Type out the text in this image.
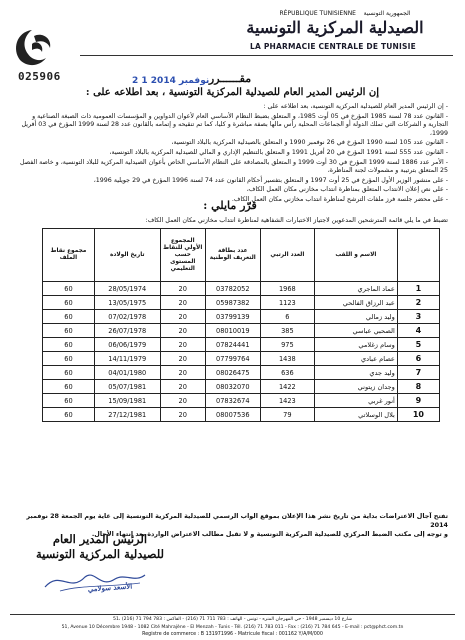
RÉPUBLIQUE TUNISIENNE الجمهورية التونسية
الصيدلية المركزية التونسية
LA PHARMACIE CENTRALE DE TUNISIE
025906	2 1 نوفمبر 2014 مقــــــرر
إن الرئيس المدير العام للصيدلية المركزية التونسية ، بعد اطلاعه على :

- إن الرئيس المدير العام للصيدلية المركزية التونسية، بعد اطلاعه على :

- القانون عدد 78 لسنة 1985 المؤرخ في 05 أوت 1985، و المتعلق بضبط النظام الأساسي العام لأعوان الدواوين و المؤسسات العمومية ذات الصبغة الصناعية و التجارية و الشركات التي تملك الدولة أو الجماعات المحلية رأس مالها بصفة مباشرة و كليا، كما تم تنقيحه و إتمامه بالقانون عدد 28 لسنة 1999 المؤرخ في 03 أفريل 1999،

- القانون عدد 105 لسنة 1990 المؤرخ في 26 نوفمبر 1990 و المتعلق بالصيدلية المركزية بالبلاد التونسية،

- القانون عدد 555 لسنة 1991 المؤرخ في 20 أفريل 1991 و المتعلق بالتنظيم الإداري و المالي للصيدلية المركزية بالبلاد التونسية،

- الأمر عدد 1886 لسنة 1999 المؤرخ في 30 أوت 1999 و المتعلق بالمصادقة على النظام الأساسي الخاص بأعوان الصيدلية المركزية للبلاد التونسية، و خاصة الفصل 25 المتعلق بترتيبة و مشمولات لجنة المناظرة،

- على منشور الوزير الأول المؤرخ في 25 أوت 1997 و المتعلق بتفسير أحكام القانون عدد 74 لسنة 1996 المؤرخ في 29 جويلية 1996،

- على نص إعلان الانتداب المتعلق بمناظرة انتداب مخازني مكان العمل الكاف،

- على محضر جلسة فرز ملفات الترشح لمناظرة انتداب مخازني مكان العمل الكاف.

قرّر مايلي :
تضبط في ما يلي قائمة المترشحين المدعوين لاجتياز الاختبارات الشفاهية لمناظرة انتداب مخازني مكان العمل الكاف:
	الاسم و اللقب	العدد الرتبي	عدد بطاقة التعريف الوطنية	المجموع الأولي للنقاط حسب المستوى التعليمي	تاريخ الولادة	مجموع نقاط الملف
1	عماد الماجري	1968	03782052	20	28/05/1974	60
2	عبد الرزاق الفالحي	1123	05987382	20	13/05/1975	60
3	وليد زمالي	6	03799139	20	07/02/1978	60
4	الصحبي عباسي	385	08010019	20	26/07/1978	60
5	وسام زغلامي	975	07824441	20	06/06/1979	60
6	عصام عبادي	1438	07799764	20	14/11/1979	60
7	وليد جدي	636	08026475	20	04/01/1980	60
8	وجدان زيتوني	1422	08032070	20	05/07/1981	60
9	أنور غربي	1423	07832674	20	15/09/1981	60
10	بلال الوسلاتي	79	08007536	20	27/12/1981	60
تفتح آجال الاعتراضات بداية من تاريخ نشر هذا الإعلان بموقع الواب الرسمي للصيدلية المركزية التونسية إلى غاية يوم الجمعة 28 نوفمبر 2014
و توجه إلى مكتب الضبط المركزي للصيدلية المركزية التونسية و لا تقبل مطالب الاعتراض الواردة بعد انتهاء الأجال.
الرئيس المدير العام
للصيدلية المركزية التونسية
الأسعد سولامي
51، شارع 10 ديسمبر 1948 - حي المهرجان المنزه - تونس - الهاتف : 783 711 71 (216) - الفاكس : 783 794 71 (216)
51, Avenue 10 Décembre 1948 - 1082 Cité Mahrajène - El Menzah - Tunis - Tél. (216) 71 783 011 - Fax : (216) 71 784 645 - E-mail : pct@phct.com.tn
Registre de commerce : B 131971996 - Matricule fiscal : 001162 Y/A/M/000
